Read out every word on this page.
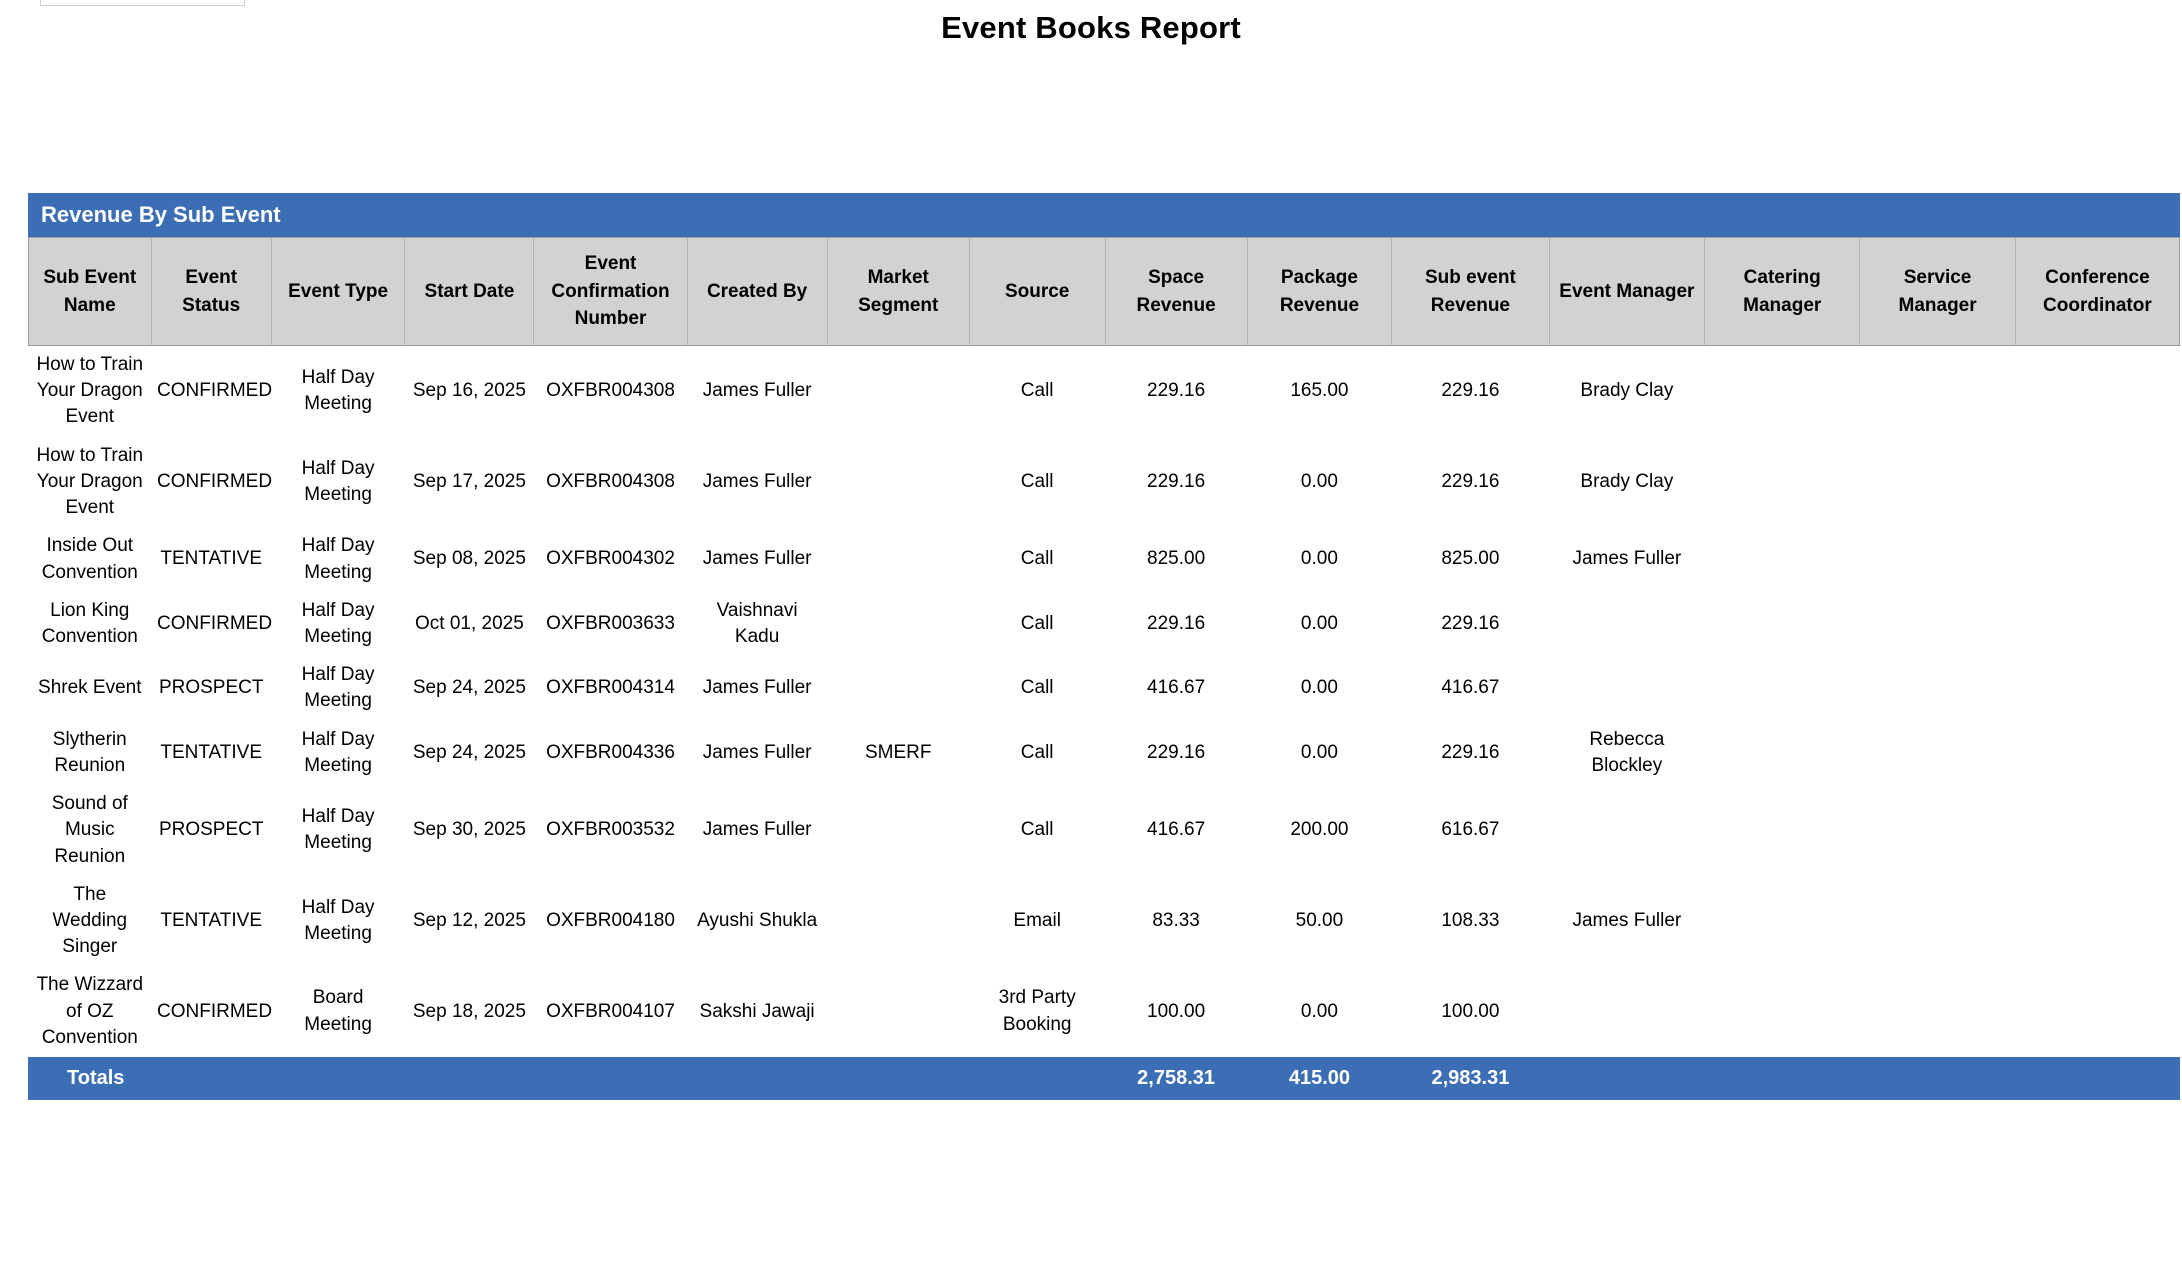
Event Books Report
Revenue By Sub Event														
Sub Event Name	Event Status	Event Type	Start Date	Event Confirmation Number	Created By	Market Segment	Source	Space Revenue	Package Revenue	Sub event Revenue	Event Manager	Catering Manager	Service Manager	Conference Coordinator
How to Train Your Dragon Event	CONFIRMED	Half Day Meeting	Sep 16, 2025	OXFBR004308	James Fuller		Call	229.16	165.00	229.16	Brady Clay			
How to Train Your Dragon Event	CONFIRMED	Half Day Meeting	Sep 17, 2025	OXFBR004308	James Fuller		Call	229.16	0.00	229.16	Brady Clay			
Inside Out Convention	TENTATIVE	Half Day Meeting	Sep 08, 2025	OXFBR004302	James Fuller		Call	825.00	0.00	825.00	James Fuller			
Lion King Convention	CONFIRMED	Half Day Meeting	Oct 01, 2025	OXFBR003633	Vaishnavi Kadu		Call	229.16	0.00	229.16				
Shrek Event	PROSPECT	Half Day Meeting	Sep 24, 2025	OXFBR004314	James Fuller		Call	416.67	0.00	416.67				
Slytherin Reunion	TENTATIVE	Half Day Meeting	Sep 24, 2025	OXFBR004336	James Fuller	SMERF	Call	229.16	0.00	229.16	Rebecca Blockley			
Sound of Music Reunion	PROSPECT	Half Day Meeting	Sep 30, 2025	OXFBR003532	James Fuller		Call	416.67	200.00	616.67				
The Wedding Singer	TENTATIVE	Half Day Meeting	Sep 12, 2025	OXFBR004180	Ayushi Shukla		Email	83.33	50.00	108.33	James Fuller			
The Wizzard of OZ Convention	CONFIRMED	Board Meeting	Sep 18, 2025	OXFBR004107	Sakshi Jawaji		3rd Party Booking	100.00	0.00	100.00				
Totals								2,758.31	415.00	2,983.31				
